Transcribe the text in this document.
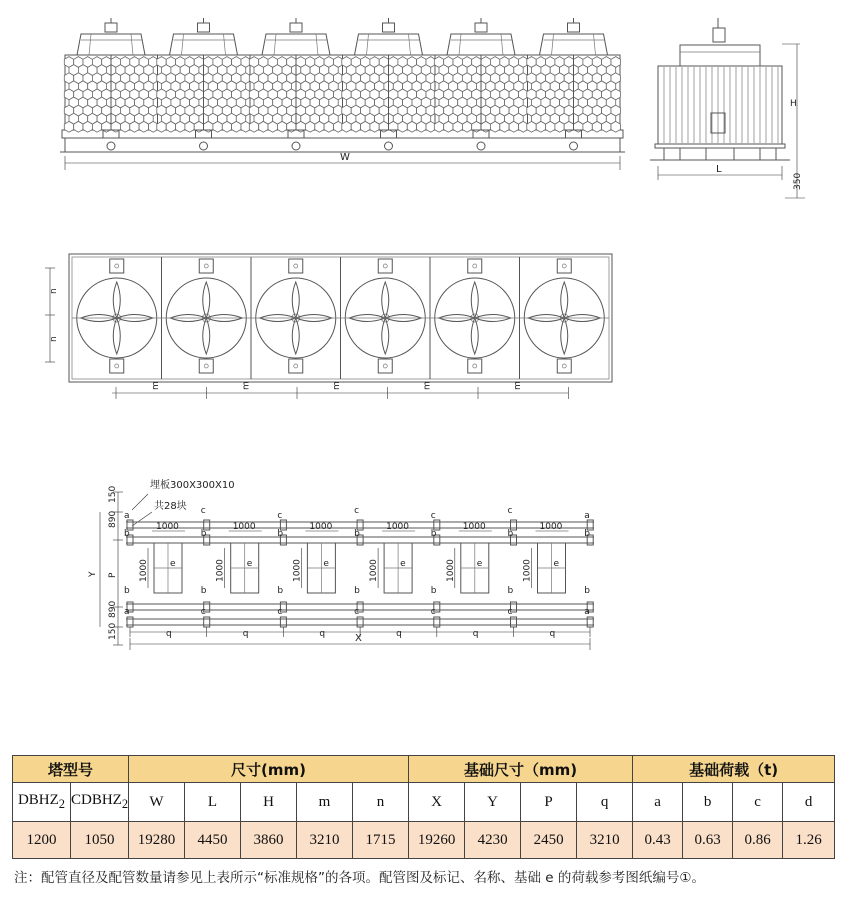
W
H
350
L
n
n
m	m	m	m	m
埋板300X300X10
共28块
a
b
a
b
c
b
c
b
c
b
c
b
c
b
c
b
c
b
c
b
c
b
c
b
a
b
a
b
1000
e
1000
q
1000
e
1000
q
1000
e
1000
q
1000
e
1000
q
1000
e
1000
q
1000
e
1000
q
150
890
Y P
890
150	X
塔型号		尺寸(mm)					基础尺寸（mm)				基础荷载（t)			
$DBHZ_2$	$CDBHZ_2$	W	L	H	m	n	X	Y	P	q	a	b	c	d
1200	1050	19280	4450	3860	3210	1715	19260	4230	2450	3210	0.43	0.63	0.86	1.26
注：配管直径及配管数量请参见上表所示“标准规格”的各项。配管图及标记、名称、基础 e 的荷载参考图纸编号①。
